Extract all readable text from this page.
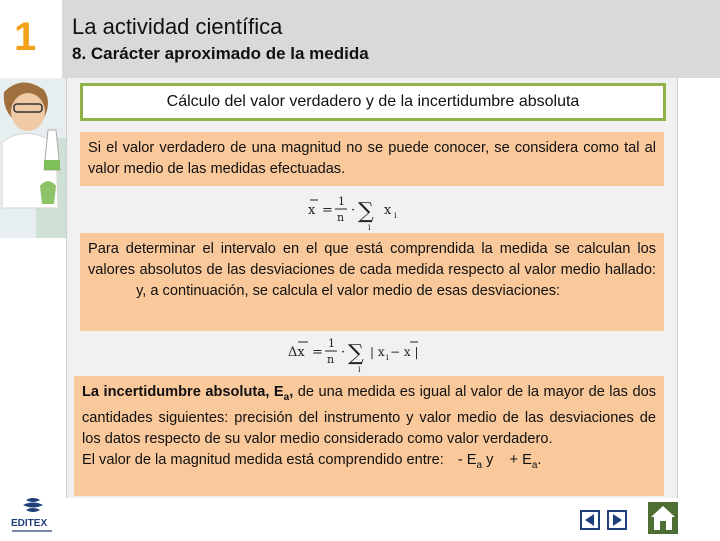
1 La actividad científica
8. Carácter aproximado de la medida
Cálculo del valor verdadero y de la incertidumbre absoluta
Si el valor verdadero de una magnitud no se puede conocer, se considera como tal al valor medio de las medidas efectuadas.
x =
1
n · ∑
i
x i
Para determinar el intervalo en el que está comprendida la medida se calculan los valores absolutos de las desviaciones de cada medida respecto al valor medio hallado:  y, a continuación, se calcula el valor medio de esas desviaciones:
Δx =
1
n · ∑
i
| x i − x |
La incertidumbre absoluta, $E_a$, de una medida es igual al valor de la mayor de las dos cantidades siguientes: precisión del instrumento y valor medio de las desviaciones de los datos respecto de su valor medio considerado como valor verdadero.
El valor de la magnitud medida está comprendido entre: - $E_a$ $y + E_a$.
EDITEX
